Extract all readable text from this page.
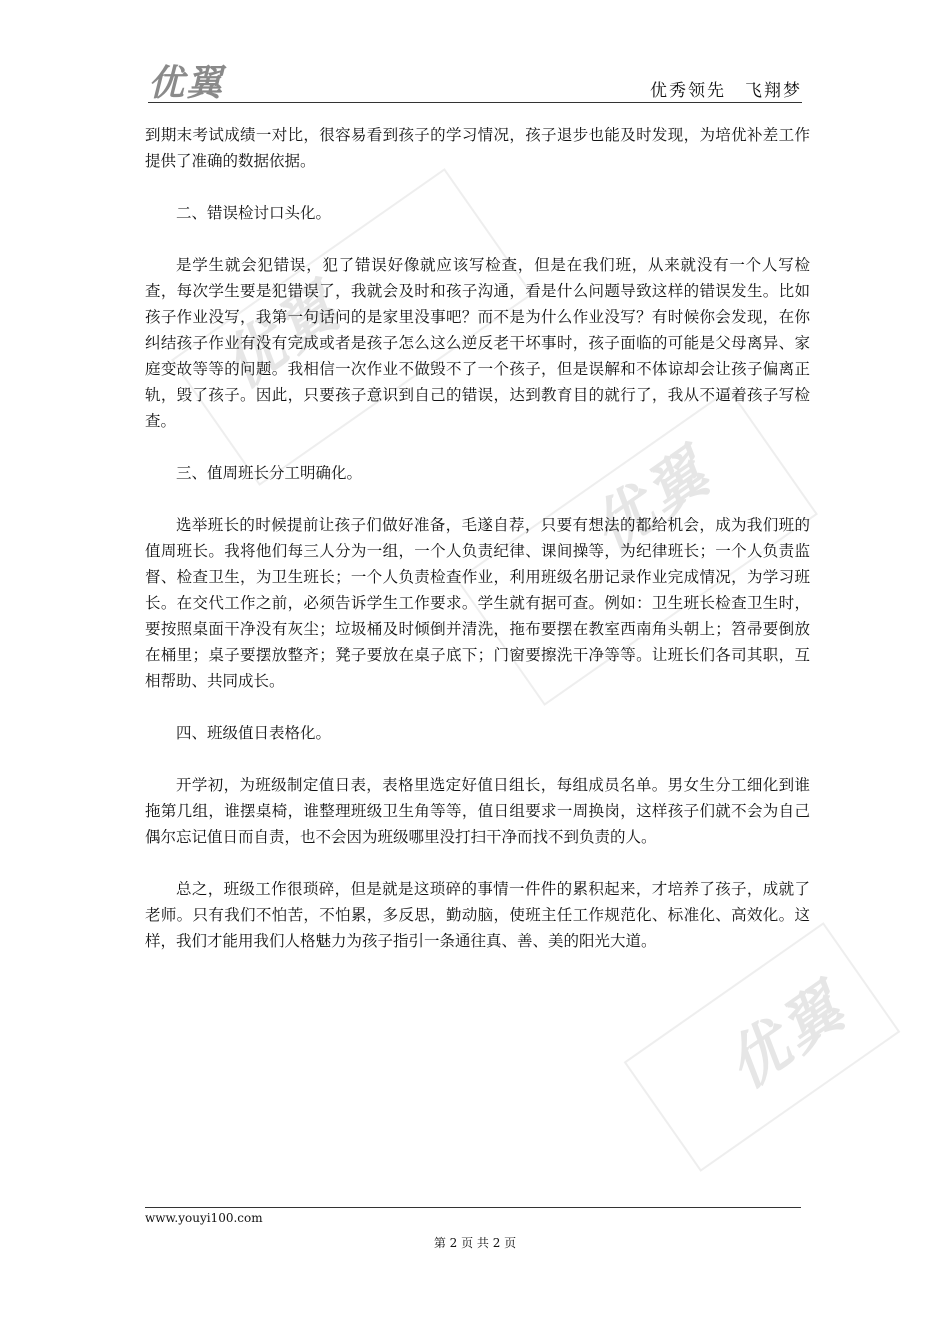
优翼	优秀领先　飞翔梦
优翼
优翼
优翼

到期末考试成绩一对比，很容易看到孩子的学习情况，孩子退步也能及时发现，为培优补差工作提供了准确的数据依据。

二、错误检讨口头化。

是学生就会犯错误，犯了错误好像就应该写检查，但是在我们班，从来就没有一个人写检查，每次学生要是犯错误了，我就会及时和孩子沟通，看是什么问题导致这样的错误发生。比如孩子作业没写，我第一句话问的是家里没事吧？而不是为什么作业没写？有时候你会发现，在你纠结孩子作业有没有完成或者是孩子怎么这么逆反老干坏事时，孩子面临的可能是父母离异、家庭变故等等的问题。我相信一次作业不做毁不了一个孩子，但是误解和不体谅却会让孩子偏离正轨，毁了孩子。因此，只要孩子意识到自己的错误，达到教育目的就行了，我从不逼着孩子写检查。

三、值周班长分工明确化。

选举班长的时候提前让孩子们做好准备，毛遂自荐，只要有想法的都给机会，成为我们班的值周班长。我将他们每三人分为一组，一个人负责纪律、课间操等，为纪律班长；一个人负责监督、检查卫生，为卫生班长；一个人负责检查作业，利用班级名册记录作业完成情况，为学习班长。在交代工作之前，必须告诉学生工作要求。学生就有据可查。例如：卫生班长检查卫生时，要按照桌面干净没有灰尘；垃圾桶及时倾倒并清洗，拖布要摆在教室西南角头朝上；笤帚要倒放在桶里；桌子要摆放整齐；凳子要放在桌子底下；门窗要擦洗干净等等。让班长们各司其职，互相帮助、共同成长。

四、班级值日表格化。

开学初，为班级制定值日表，表格里选定好值日组长，每组成员名单。男女生分工细化到谁拖第几组，谁摆桌椅，谁整理班级卫生角等等，值日组要求一周换岗，这样孩子们就不会为自己偶尔忘记值日而自责，也不会因为班级哪里没打扫干净而找不到负责的人。

总之，班级工作很琐碎，但是就是这琐碎的事情一件件的累积起来，才培养了孩子，成就了老师。只有我们不怕苦，不怕累，多反思，勤动脑，使班主任工作规范化、标准化、高效化。这样，我们才能用我们人格魅力为孩子指引一条通往真、善、美的阳光大道。

www.youyi100.com
第 2 页 共 2 页
